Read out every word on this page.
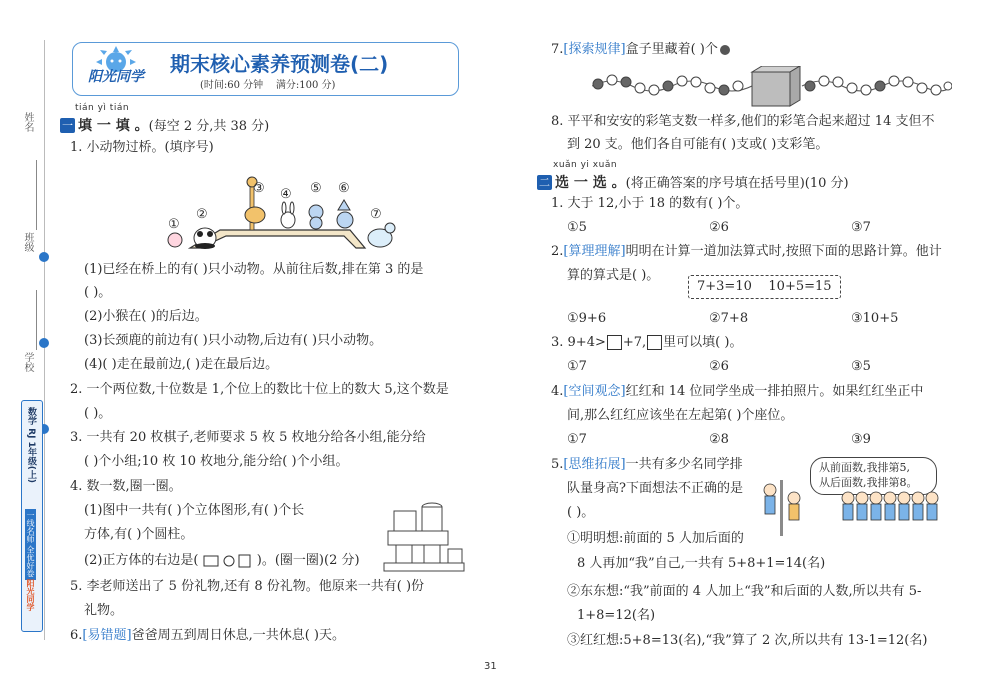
姓名
班级
学校
数学 RJ 1年级(上)
一线名师 全优好卷
阳光同学
阳光同学
期末核心素养预测卷(二)
(时间:60 分钟    满分:100 分)
tián yì tián
一 填 一 填 。(每空 2 分,共 38 分)
1. 小动物过桥。(填序号)
①
②
③ ④ ⑤ ⑥
⑦
(1)已经在桥上的有( )只小动物。从前往后数,排在第 3 的是
( )。
(2)小猴在( )的后边。
(3)长颈鹿的前边有( )只小动物,后边有( )只小动物。
(4)( )走在最前边,( )走在最后边。
2. 一个两位数,十位数是 1,个位上的数比十位上的数大 5,这个数是
( )。
3. 一共有 20 枚棋子,老师要求 5 枚 5 枚地分给各小组,能分给
( )个小组;10 枚 10 枚地分,能分给( )个小组。
4. 数一数,圈一圈。
(1)图中一共有( )个立体图形,有( )个长
方体,有( )个圆柱。
(2)正方体的右边是(	)。(圈一圈)(2 分)
5. 李老师送出了 5 份礼物,还有 8 份礼物。他原来一共有( )份
礼物。
6.[易错题]爸爸周五到周日休息,一共休息( )天。
7.[探索规律]盒子里藏着( )个
8. 平平和安安的彩笔支数一样多,他们的彩笔合起来超过 14 支但不
到 20 支。他们各自可能有( )支或( )支彩笔。
xuǎn yi xuǎn
二 选 一 选 。(将正确答案的序号填在括号里)(10 分)
1. 大于 12,小于 18 的数有( )个。
①5	②6	③7
2.[算理理解]明明在计算一道加法算式时,按照下面的思路计算。他计
算的算式是( )。
7+3=10    10+5=15
①9+6	②7+8	③10+5
3. 9+4> +7, 里可以填( )。
①7	②6	③5
4.[空间观念]红红和 14 位同学坐成一排拍照片。如果红红坐正中
间,那么红红应该坐在左起第( )个座位。
①7	②8	③9
5.[思维拓展]一共有多少名同学排
队量身高?下面想法不正确的是
( )。
从前面数,我排第5,
从后面数,我排第8。
①明明想:前面的 5 人加后面的
8 人再加“我”自己,一共有 5+8+1=14(名)
②东东想:“我”前面的 4 人加上“我”和后面的人数,所以共有 5-
1+8=12(名)
③红红想:5+8=13(名),“我”算了 2 次,所以共有 13-1=12(名)
31
